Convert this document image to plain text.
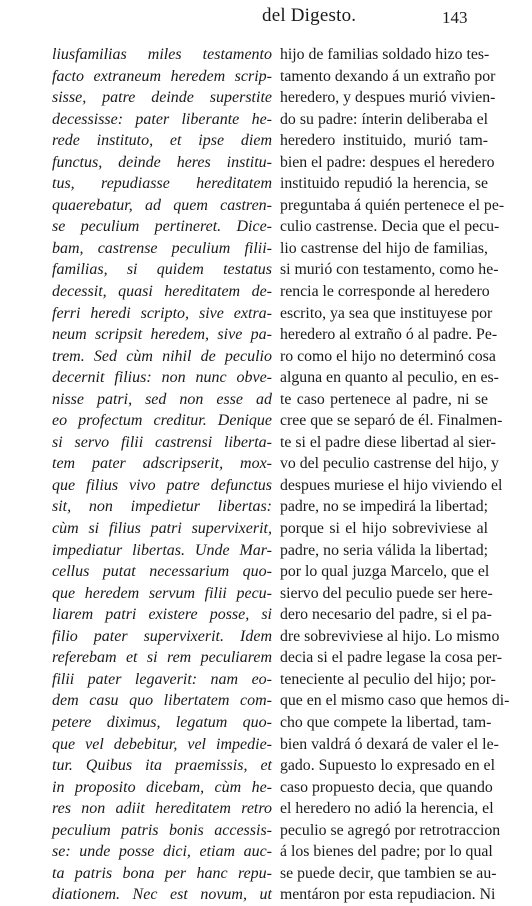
del Digesto.	143
liusfamilias miles testamento
facto extraneum heredem scrip-
sisse, patre deinde superstite
decessisse: pater liberante he-
rede instituto, et ipse diem
functus, deinde heres institu-
tus, repudiasse hereditatem
quaerebatur, ad quem castren-
se peculium pertineret. Dice-
bam, castrense peculium filii-
familias, si quidem testatus
decessit, quasi hereditatem de-
ferri heredi scripto, sive extra-
neum scripsit heredem, sive pa-
trem. Sed cùm nihil de peculio
decernit filius: non nunc obve-
nisse patri, sed non esse ad
eo profectum creditur. Denique
si servo filii castrensi liberta-
tem pater adscripserit, mox-
que filius vivo patre defunctus
sit, non impedietur libertas:
cùm si filius patri supervixerit,
impediatur libertas. Unde Mar-
cellus putat necessarium quo-
que heredem servum filii pecu-
liarem patri existere posse, si
filio pater supervixerit. Idem
referebam et si rem peculiarem
filii pater legaverit: nam eo-
dem casu quo libertatem com-
petere diximus, legatum quo-
que vel debebitur, vel impedie-
tur. Quibus ita praemissis, et
in proposito dicebam, cùm he-
res non adiit hereditatem retro
peculium patris bonis accessis-
se: unde posse dici, etiam auc-
ta patris bona per hanc repu-
diationem. Nec est novum, ut
hijo de familias soldado hizo tes-
tamento dexando á un extraño por
heredero, y despues murió vivien-
do su padre: ínterin deliberaba el
heredero instituido, murió tam-
bien el padre: despues el heredero
instituido repudió la herencia, se
preguntaba á quién pertenece el pe-
culio castrense. Decia que el pecu-
lio castrense del hijo de familias,
si murió con testamento, como he-
rencia le corresponde al heredero
escrito, ya sea que instituyese por
heredero al extraño ó al padre. Pe-
ro como el hijo no determinó cosa
alguna en quanto al peculio, en es-
te caso pertenece al padre, ni se
cree que se separó de él. Finalmen-
te si el padre diese libertad al sier-
vo del peculio castrense del hijo, y
despues muriese el hijo viviendo el
padre, no se impedirá la libertad;
porque si el hijo sobreviviese al
padre, no seria válida la libertad;
por lo qual juzga Marcelo, que el
siervo del peculio puede ser here-
dero necesario del padre, si el pa-
dre sobreviviese al hijo. Lo mismo
decia si el padre legase la cosa per-
teneciente al peculio del hijo; por-
que en el mismo caso que hemos di-
cho que compete la libertad, tam-
bien valdrá ó dexará de valer el le-
gado. Supuesto lo expresado en el
caso propuesto decia, que quando
el heredero no adió la herencia, el
peculio se agregó por retrotraccion
á los bienes del padre; por lo qual
se puede decir, que tambien se au-
mentáron por esta repudiacion. Ni
